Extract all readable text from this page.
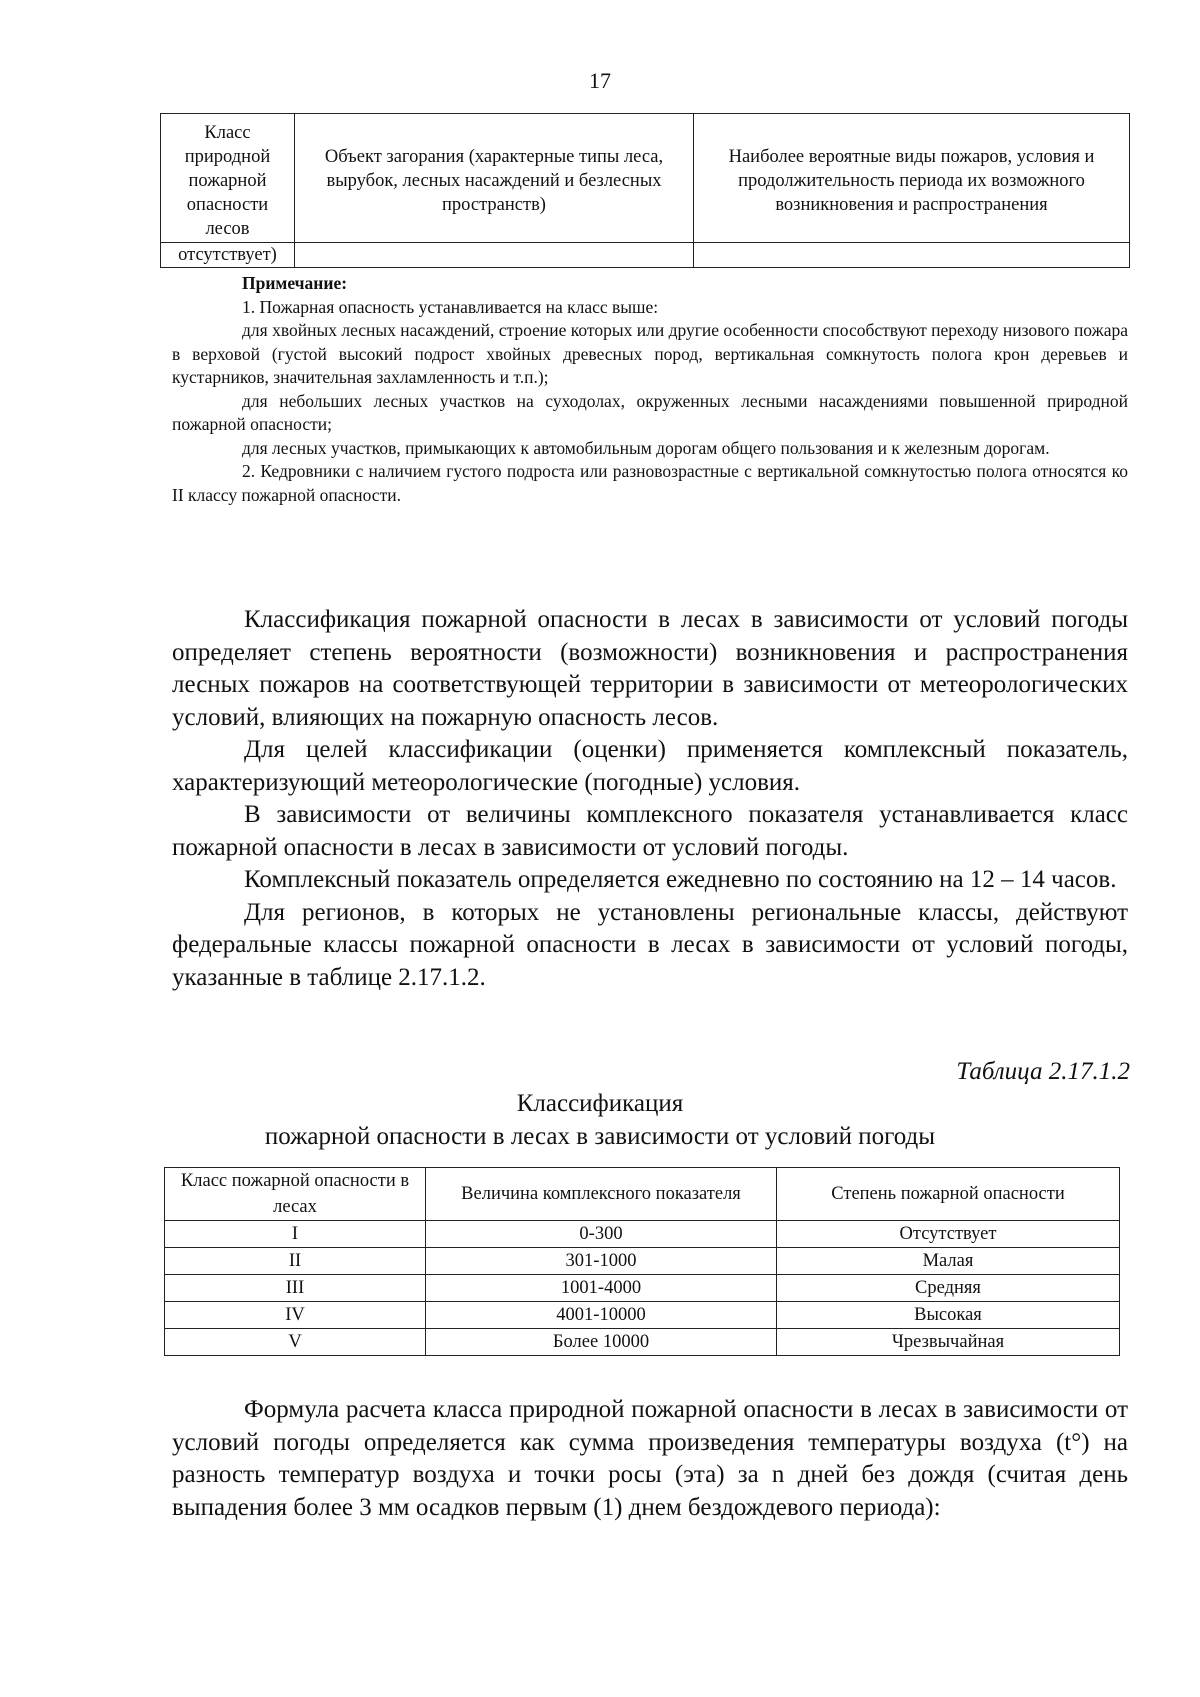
17
Класс природной пожарной опасности лесов	Объект загорания (характерные типы леса, вырубок, лесных насаждений и безлесных пространств)	Наиболее вероятные виды пожаров, условия и продолжительность периода их возможного возникновения и распространения
отсутствует)		

Примечание:

1. Пожарная опасность устанавливается на класс выше:

для хвойных лесных насаждений, строение которых или другие особенности способствуют переходу низового пожара в верховой (густой высокий подрост хвойных древесных пород, вертикальная сомкнутость полога крон деревьев и кустарников, значительная захламленность и т.п.);

для небольших лесных участков на суходолах, окруженных лесными насаждениями повышенной природной пожарной опасности;

для лесных участков, примыкающих к автомобильным дорогам общего пользования и к железным дорогам.

2. Кедровники с наличием густого подроста или разновозрастные с вертикальной сомкнутостью полога относятся ко II классу пожарной опасности.

Классификация пожарной опасности в лесах в зависимости от условий погоды определяет степень вероятности (возможности) возникновения и распространения лесных пожаров на соответствующей территории в зависимости от метеорологических условий, влияющих на пожарную опасность лесов.

Для целей классификации (оценки) применяется комплексный показатель, характеризующий метеорологические (погодные) условия.

В зависимости от величины комплексного показателя устанавливается класс пожарной опасности в лесах в зависимости от условий погоды.

Комплексный показатель определяется ежедневно по состоянию на 12 – 14 часов.

Для регионов, в которых не установлены региональные классы, действуют федеральные классы пожарной опасности в лесах в зависимости от условий погоды, указанные в таблице 2.17.1.2.

Таблица 2.17.1.2
Классификация
пожарной опасности в лесах в зависимости от условий погоды
Класс пожарной опасности в лесах	Величина комплексного показателя	Степень пожарной опасности
I	0-300	Отсутствует
II	301-1000	Малая
III	1001-4000	Средняя
IV	4001-10000	Высокая
V	Более 10000	Чрезвычайная

Формула расчета класса природной пожарной опасности в лесах в зависимости от условий погоды определяется как сумма произведения температуры воздуха (t°) на разность температур воздуха и точки росы (эта) за n дней без дождя (считая день выпадения более 3 мм осадков первым (1) днем бездождевого периода):
